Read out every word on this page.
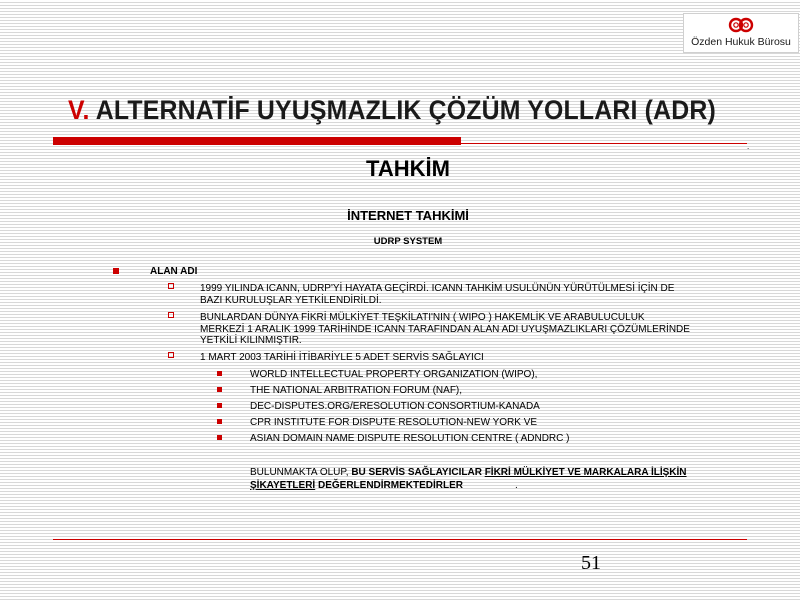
Özden Hukuk Bürosu
V. ALTERNATİF UYUŞMAZLIK ÇÖZÜM YOLLARI (ADR)
.
TAHKİM
İNTERNET TAHKİMİ
UDRP SYSTEM
ALAN ADI
1999 YILINDA ICANN, UDRP'Yİ HAYATA GEÇİRDİ. ICANN TAHKİM USULÜNÜN YÜRÜTÜLMESİ İÇİN DE
BAZI KURULUŞLAR YETKİLENDİRİLDİ.
BUNLARDAN DÜNYA FİKRİ MÜLKİYET TEŞKİLATI'NIN ( WIPO ) HAKEMLİK VE ARABULUCULUK
MERKEZİ 1 ARALIK 1999 TARİHİNDE ICANN TARAFINDAN ALAN ADI UYUŞMAZLIKLARI ÇÖZÜMLERİNDE
YETKİLİ KILINMIŞTIR.
1 MART 2003 TARİHİ İTİBARİYLE 5 ADET SERVİS SAĞLAYICI
WORLD INTELLECTUAL PROPERTY ORGANIZATION (WIPO),
THE NATIONAL ARBITRATION FORUM (NAF),
DEC-DISPUTES.ORG/ERESOLUTION CONSORTIUM-KANADA
CPR INSTITUTE FOR DISPUTE RESOLUTION-NEW YORK VE
ASIAN DOMAIN NAME DISPUTE RESOLUTION CENTRE ( ADNDRC )
BULUNMAKTA OLUP, BU SERVİS SAĞLAYICILAR FİKRİ MÜLKİYET VE MARKALARA İLİŞKİN
ŞİKAYETLERİ DEĞERLENDİRMEKTEDİRLER	.
51
